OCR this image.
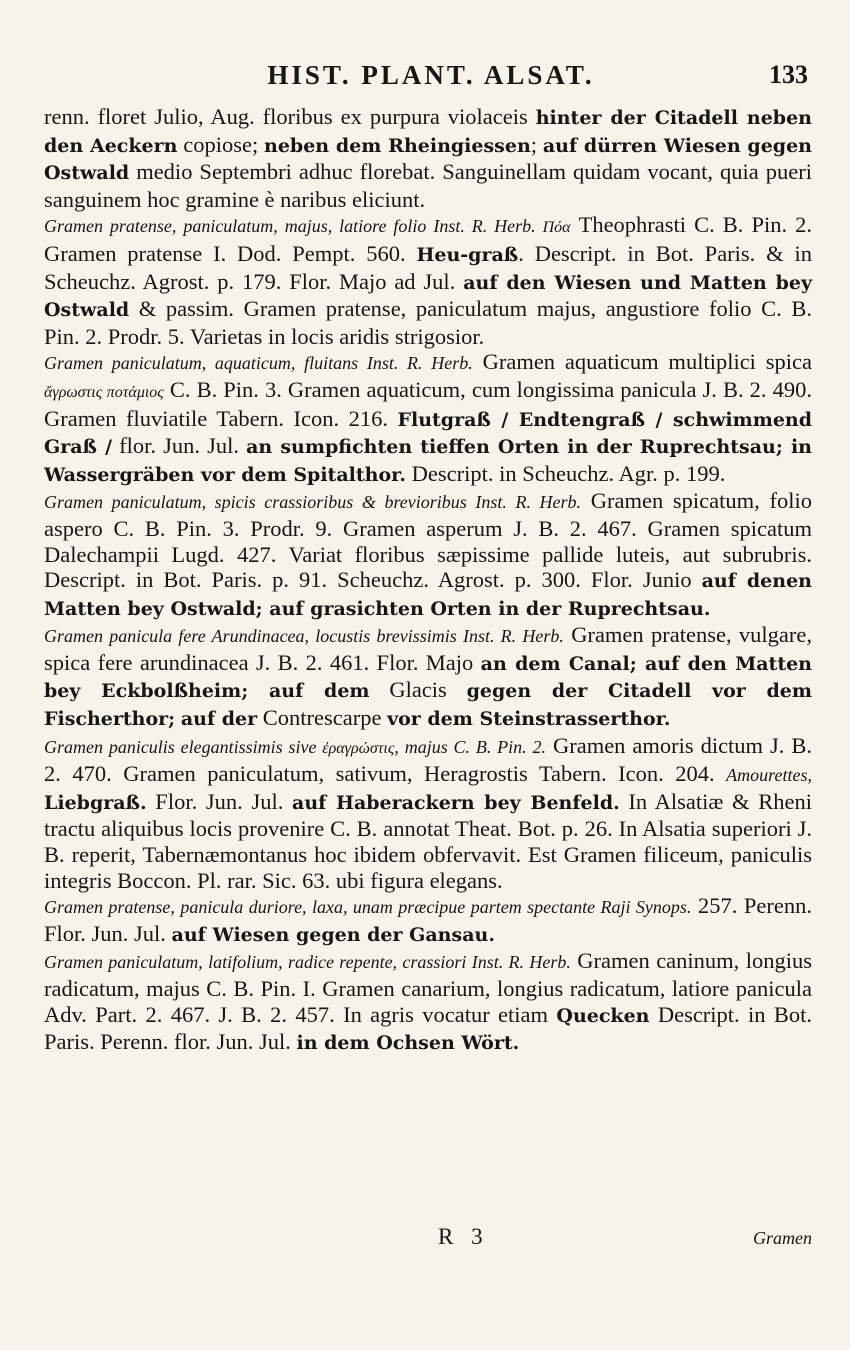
HIST. PLANT. ALSAT.	133

renn. floret Julio, Aug. floribus ex purpura violaceis hinter der Citadell neben den Aeckern copiose; neben dem Rheingiessen; auf dürren Wiesen gegen Ostwald medio Septembri adhuc florebat. Sanguinellam quidam vocant, quia pueri sanguinem hoc gramine è naribus eliciunt.

Gramen pratense, paniculatum, majus, latiore folio Inst. R. Herb. Πόα Theophrasti C. B. Pin. 2. Gramen pratense I. Dod. Pempt. 560. Heu-graß. Descript. in Bot. Paris. & in Scheuchz. Agrost. p. 179. Flor. Majo ad Jul. auf den Wiesen und Matten bey Ostwald & passim. Gramen pratense, paniculatum majus, angustiore folio C. B. Pin. 2. Prodr. 5. Varietas in locis aridis strigosior.

Gramen paniculatum, aquaticum, fluitans Inst. R. Herb. Gramen aquaticum multiplici spica ἄγρωστις ποτάμιος C. B. Pin. 3. Gramen aquaticum, cum longissima panicula J. B. 2. 490. Gramen fluviatile Tabern. Icon. 216. Flutgraß / Endtengraß / schwimmend Graß / flor. Jun. Jul. an sumpfichten tieffen Orten in der Ruprechtsau; in Wassergräben vor dem Spitalthor. Descript. in Scheuchz. Agr. p. 199.

Gramen paniculatum, spicis crassioribus & brevioribus Inst. R. Herb. Gramen spicatum, folio aspero C. B. Pin. 3. Prodr. 9. Gramen asperum J. B. 2. 467. Gramen spicatum Dalechampii Lugd. 427. Variat floribus sæpissime pallide luteis, aut subrubris. Descript. in Bot. Paris. p. 91. Scheuchz. Agrost. p. 300. Flor. Junio auf denen Matten bey Ostwald; auf grasichten Orten in der Ruprechtsau.

Gramen panicula fere Arundinacea, locustis brevissimis Inst. R. Herb. Gramen pratense, vulgare, spica fere arundinacea J. B. 2. 461. Flor. Majo an dem Canal; auf den Matten bey Eckbolßheim; auf dem Glacis gegen der Citadell vor dem Fischerthor; auf der Contrescarpe vor dem Steinstrasserthor.

Gramen paniculis elegantissimis sive ἐραγρώστις, majus C. B. Pin. 2. Gramen amoris dictum J. B. 2. 470. Gramen paniculatum, sativum, Heragrostis Tabern. Icon. 204. Amourettes, Liebgraß. Flor. Jun. Jul. auf Haberackern bey Benfeld. In Alsatiæ & Rheni tractu aliquibus locis provenire C. B. annotat Theat. Bot. p. 26. In Alsatia superiori J. B. reperit, Tabernæmontanus hoc ibidem obfervavit. Est Gramen filiceum, paniculis integris Boccon. Pl. rar. Sic. 63. ubi figura elegans.

Gramen pratense, panicula duriore, laxa, unam præcipue partem spectante Raji Synops. 257. Perenn. Flor. Jun. Jul. auf Wiesen gegen der Gansau.

Gramen paniculatum, latifolium, radice repente, crassiori Inst. R. Herb. Gramen caninum, longius radicatum, majus C. B. Pin. I. Gramen canarium, longius radicatum, latiore panicula Adv. Part. 2. 467. J. B. 2. 457. In agris vocatur etiam Quecken Descript. in Bot. Paris. Perenn. flor. Jun. Jul. in dem Ochsen Wört.

R 3	Gramen
